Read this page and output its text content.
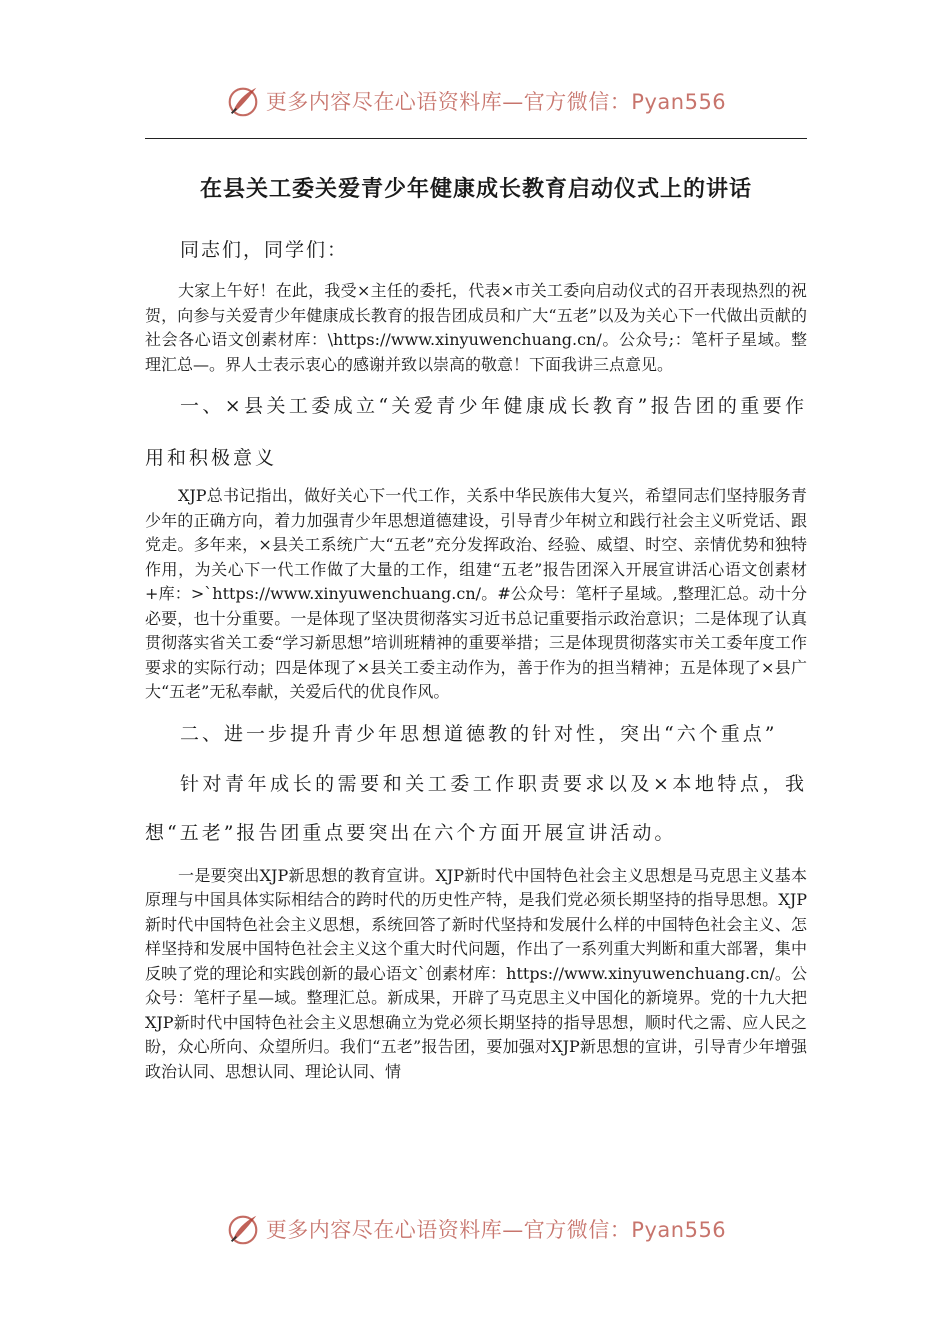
更多内容尽在心语资料库—官方微信：Pyan556
在县关工委关爱青少年健康成长教育启动仪式上的讲话

同志们，同学们：

大家上午好！在此，我受×主任的委托，代表×市关工委向启动仪式的召开表现热烈的祝贺，向参与关爱青少年健康成长教育的报告团成员和广大“五老”以及为关心下一代做出贡献的社会各心语文创素材库：\https://www.xinyuwenchuang.cn/。公众号;：笔杆子星域。整理汇总—。界人士表示衷心的感谢并致以崇高的敬意！下面我讲三点意见。

一、×县关工委成立“关爱青少年健康成长教育”报告团的重要作用和积极意义

XJP总书记指出，做好关心下一代工作，关系中华民族伟大复兴，希望同志们坚持服务青少年的正确方向，着力加强青少年思想道德建设，引导青少年树立和践行社会主义听党话、跟党走。多年来，×县关工系统广大“五老”充分发挥政治、经验、威望、时空、亲情优势和独特作用，为关心下一代工作做了大量的工作，组建“五老”报告团深入开展宣讲活心语文创素材+库：>`https://www.xinyuwenchuang.cn/。#公众号：笔杆子星域。,整理汇总。动十分必要，也十分重要。一是体现了坚决贯彻落实习近书总记重要指示政治意识；二是体现了认真贯彻落实省关工委“学习新思想”培训班精神的重要举措；三是体现贯彻落实市关工委年度工作要求的实际行动；四是体现了×县关工委主动作为，善于作为的担当精神；五是体现了×县广大“五老”无私奉献，关爱后代的优良作风。

二、进一步提升青少年思想道德教的针对性，突出“六个重点”

针对青年成长的需要和关工委工作职责要求以及×本地特点，我想“五老”报告团重点要突出在六个方面开展宣讲活动。

一是要突出XJP新思想的教育宣讲。XJP新时代中国特色社会主义思想是马克思主义基本原理与中国具体实际相结合的跨时代的历史性产特，是我们党必须长期坚持的指导思想。XJP新时代中国特色社会主义思想，系统回答了新时代坚持和发展什么样的中国特色社会主义、怎样坚持和发展中国特色社会主义这个重大时代问题，作出了一系列重大判断和重大部署，集中反映了党的理论和实践创新的最心语文`创素材库：https://www.xinyuwenchuang.cn/。公众号：笔杆子星—域。整理汇总。新成果，开辟了马克思主义中国化的新境界。党的十九大把XJP新时代中国特色社会主义思想确立为党必须长期坚持的指导思想，顺时代之需、应人民之盼，众心所向、众望所归。我们“五老”报告团，要加强对XJP新思想的宣讲，引导青少年增强政治认同、思想认同、理论认同、情

更多内容尽在心语资料库—官方微信：Pyan556
